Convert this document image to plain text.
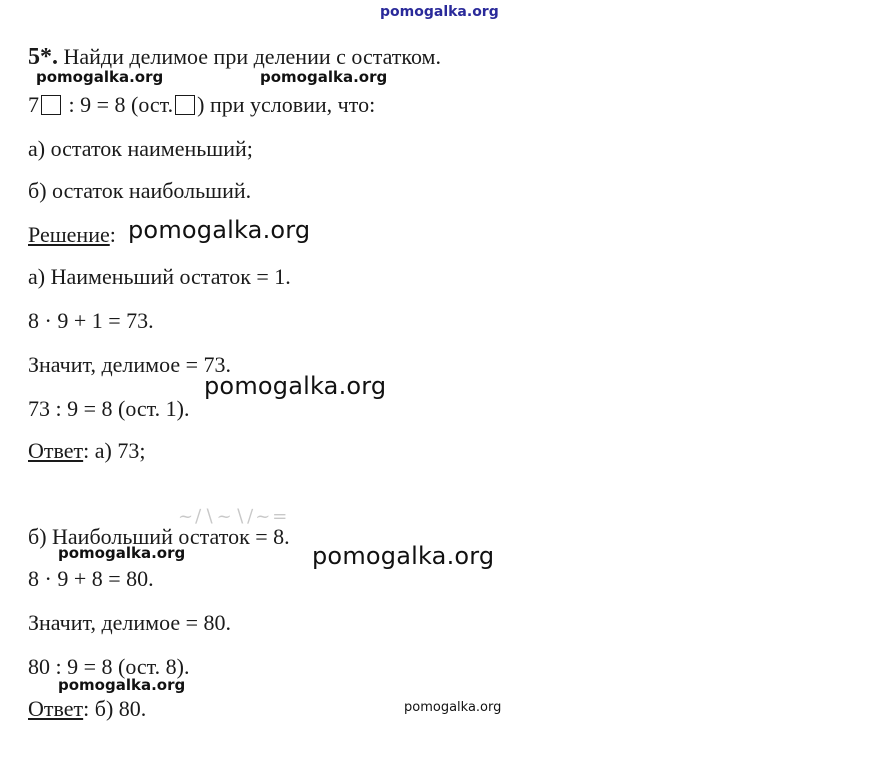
pomogalka.org
5*. Найди делимое при делении с остатком.
pomogalka.org	pomogalka.org
7 : 9 = 8 (ост. ) при условии, что:
а) остаток наименьший;
б) остаток наибольший.
Решение: pomogalka.org
а) Наименьший остаток = 1.
8 · 9 + 1 = 73.
Значит, делимое = 73.
pomogalka.org
73 : 9 = 8 (ост. 1).
Ответ: а) 73;
~∕∖~∖∕~=
б) Наибольший остаток = 8.
pomogalka.org	pomogalka.org
8 · 9 + 8 = 80.
Значит, делимое = 80.
80 : 9 = 8 (ост. 8).
pomogalka.org
Ответ: б) 80.	pomogalka.org
